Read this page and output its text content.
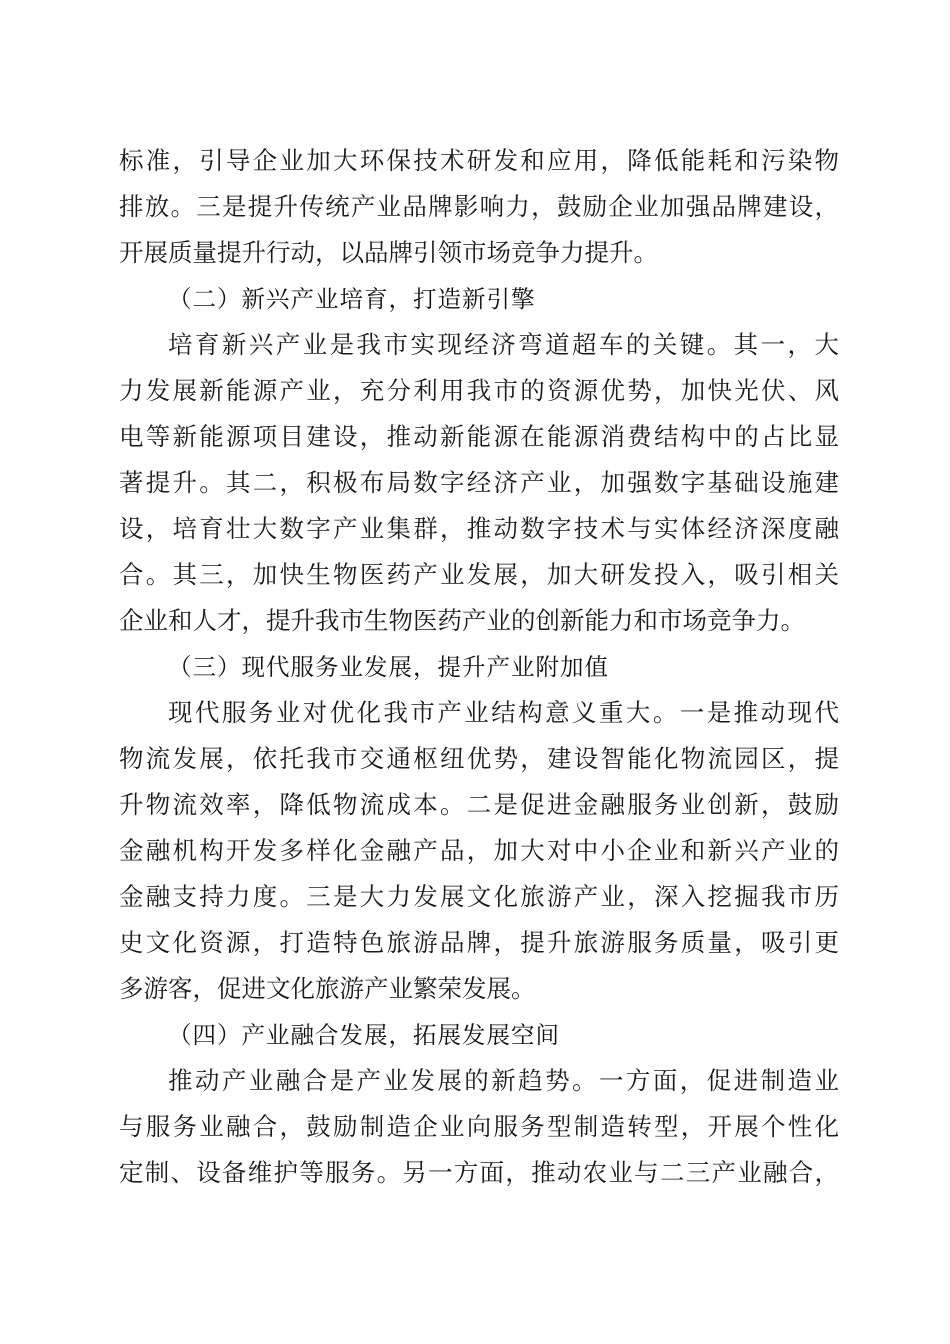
标准，引导企业加大环保技术研发和应用，降低能耗和污染物
排放。三是提升传统产业品牌影响力，鼓励企业加强品牌建设，
开展质量提升行动，以品牌引领市场竞争力提升。
（二）新兴产业培育，打造新引擎
培育新兴产业是我市实现经济弯道超车的关键。其一，大
力发展新能源产业，充分利用我市的资源优势，加快光伏、风
电等新能源项目建设，推动新能源在能源消费结构中的占比显
著提升。其二，积极布局数字经济产业，加强数字基础设施建
设，培育壮大数字产业集群，推动数字技术与实体经济深度融
合。其三，加快生物医药产业发展，加大研发投入，吸引相关
企业和人才，提升我市生物医药产业的创新能力和市场竞争力。
（三）现代服务业发展，提升产业附加值
现代服务业对优化我市产业结构意义重大。一是推动现代
物流发展，依托我市交通枢纽优势，建设智能化物流园区，提
升物流效率，降低物流成本。二是促进金融服务业创新，鼓励
金融机构开发多样化金融产品，加大对中小企业和新兴产业的
金融支持力度。三是大力发展文化旅游产业，深入挖掘我市历
史文化资源，打造特色旅游品牌，提升旅游服务质量，吸引更
多游客，促进文化旅游产业繁荣发展。
（四）产业融合发展，拓展发展空间
推动产业融合是产业发展的新趋势。一方面，促进制造业
与服务业融合，鼓励制造企业向服务型制造转型，开展个性化
定制、设备维护等服务。另一方面，推动农业与二三产业融合，
